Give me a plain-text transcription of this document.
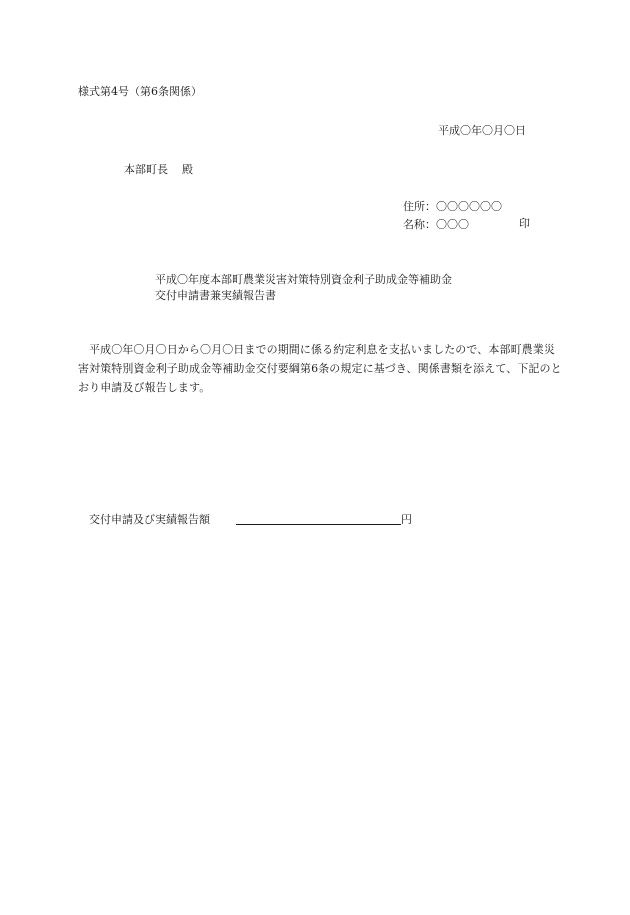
様式第4号（第6条関係）
平成〇年〇月〇日
本部町長 殿
住所：〇〇〇〇〇〇
名称：〇〇〇	印
平成〇年度本部町農業災害対策特別資金利子助成金等補助金
交付申請書兼実績報告書
平成〇年〇月〇日から〇月〇日までの期間に係る約定利息を支払いましたので、本部町農業災害対策特別資金利子助成金等補助金交付要綱第6条の規定に基づき、関係書類を添えて、下記のとおり申請及び報告します。
交付申請及び実績報告額	円
